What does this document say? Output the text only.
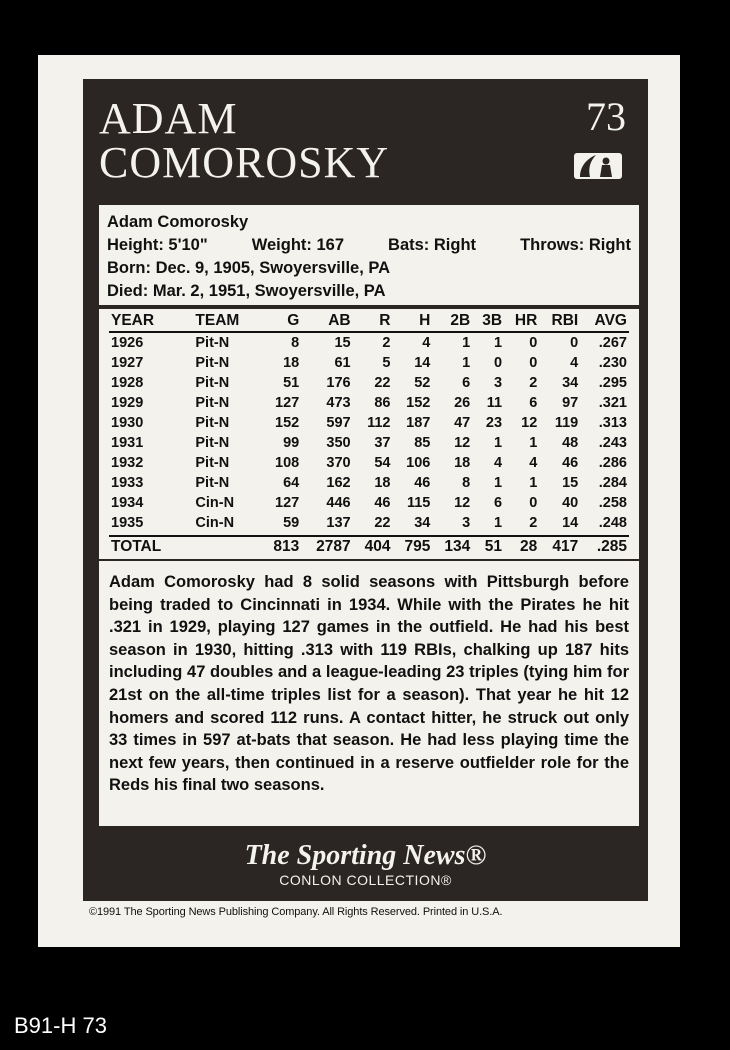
ADAM
COMOROSKY
73
Adam Comorosky
Height: 5'10"	Weight: 167	Bats: Right	Throws: Right
Born: Dec. 9, 1905, Swoyersville, PA
Died: Mar. 2, 1951, Swoyersville, PA
YEAR	TEAM	G	AB	R	H	2B	3B	HR	RBI	AVG
1926	Pit-N	8	15	2	4	1	1	0	0	.267
1927	Pit-N	18	61	5	14	1	0	0	4	.230
1928	Pit-N	51	176	22	52	6	3	2	34	.295
1929	Pit-N	127	473	86	152	26	11	6	97	.321
1930	Pit-N	152	597	112	187	47	23	12	119	.313
1931	Pit-N	99	350	37	85	12	1	1	48	.243
1932	Pit-N	108	370	54	106	18	4	4	46	.286
1933	Pit-N	64	162	18	46	8	1	1	15	.284
1934	Cin-N	127	446	46	115	12	6	0	40	.258
1935	Cin-N	59	137	22	34	3	1	2	14	.248
TOTAL		813	2787	404	795	134	51	28	417	.285
Adam Comorosky had 8 solid seasons with Pittsburgh before being traded to Cincinnati in 1934. While with the Pirates he hit .321 in 1929, playing 127 games in the outfield. He had his best season in 1930, hitting .313 with 119 RBIs, chalking up 187 hits including 47 doubles and a league-leading 23 triples (tying him for 21st on the all-time triples list for a season). That year he hit 12 homers and scored 112 runs. A contact hitter, he struck out only 33 times in 597 at-bats that season. He had less playing time the next few years, then continued in a reserve outfielder role for the Reds his final two seasons.
The Sporting News®
CONLON COLLECTION®
©1991 The Sporting News Publishing Company. All Rights Reserved. Printed in U.S.A.
B91-H 73
